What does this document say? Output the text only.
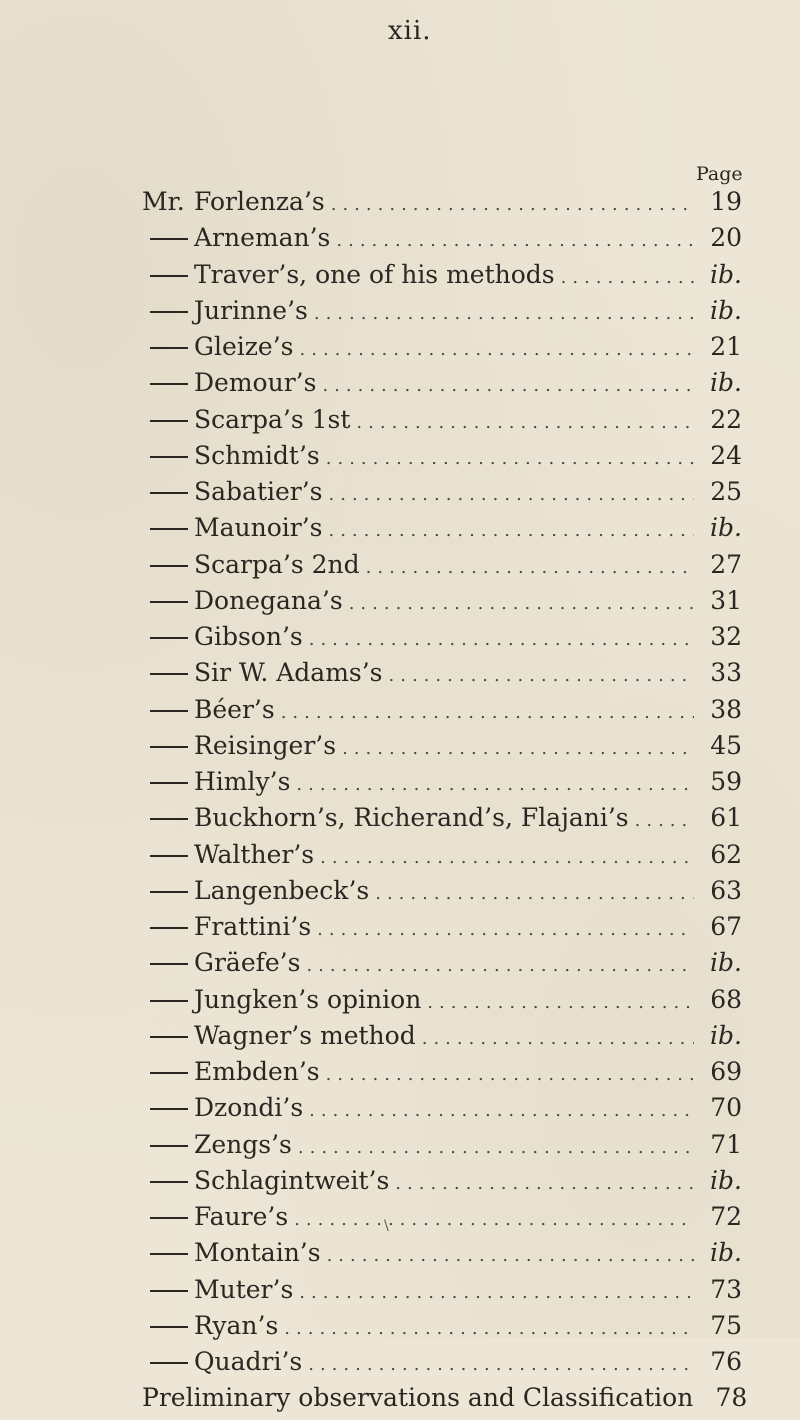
xii.
Page
Mr. Forlenza’s .....	19
Arneman’s .....	20
Traver’s, one of his methods .....	ib.
Jurinne’s .....	ib.
Gleize’s .....	21
Demour’s .....	ib.
Scarpa’s 1st .....	22
Schmidt’s .....	24
Sabatier’s .....	25
Maunoir’s .....	ib.
Scarpa’s 2nd .....	27
Donegana’s .....	31
Gibson’s .....	32
Sir W. Adams’s .....	33
Béer’s .....	38
Reisinger’s .....	45
Himly’s .....	59
Buckhorn’s, Richerand’s, Flajani’s .....	61
Walther’s .....	62
Langenbeck’s .....	63
Frattini’s .....	67
Gräefe’s .....	ib.
Jungken’s opinion .....	68
Wagner’s method .....	ib.
Embden’s .....	69
Dzondi’s .....	70
Zengs’s .....	71
Schlagintweit’s .....	ib.
Faure’s .....	72
Montain’s .....	ib.
Muter’s .....	73
Ryan’s .....	75
Quadri’s .....	76
Preliminary observations and Classification 78
\
